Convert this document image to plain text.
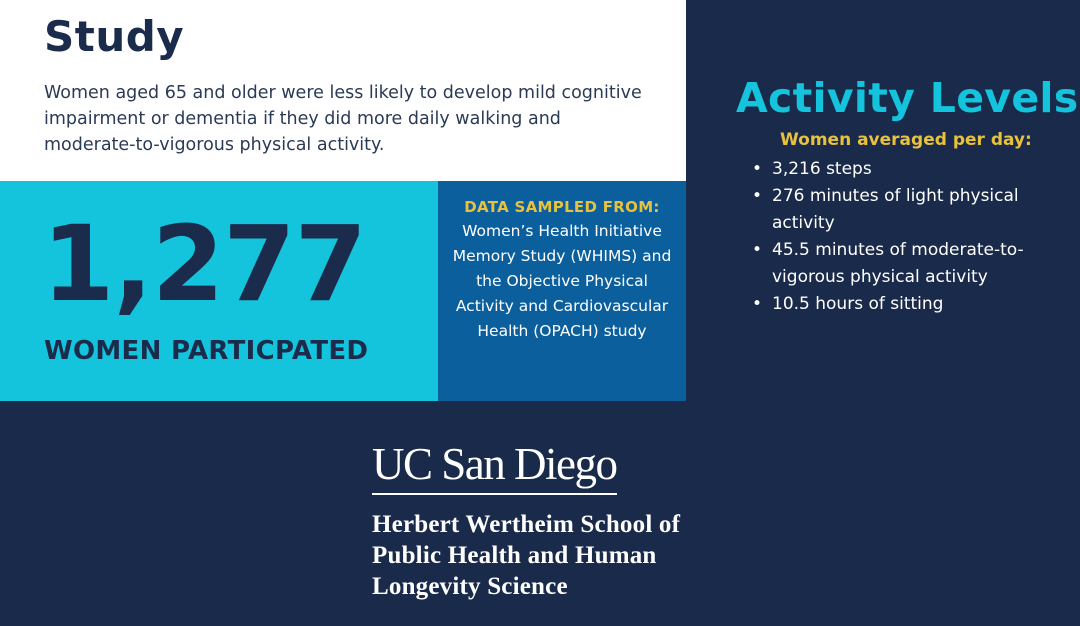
Study

Women aged 65 and older were less likely to develop mild cognitive impairment or dementia if they did more daily walking and moderate-to-vigorous physical activity.

1,277
WOMEN PARTICPATED
DATA SAMPLED FROM:
Women’s Health Initiative Memory Study (WHIMS) and the Objective Physical Activity and Cardiovascular Health (OPACH) study
Activity Levels
Women averaged per day:
• 3,216 steps
• 276 minutes of light physical activity
• 45.5 minutes of moderate-to-vigorous physical activity
• 10.5 hours of sitting
UC San Diego
Herbert Wertheim School of Public Health and Human Longevity Science
